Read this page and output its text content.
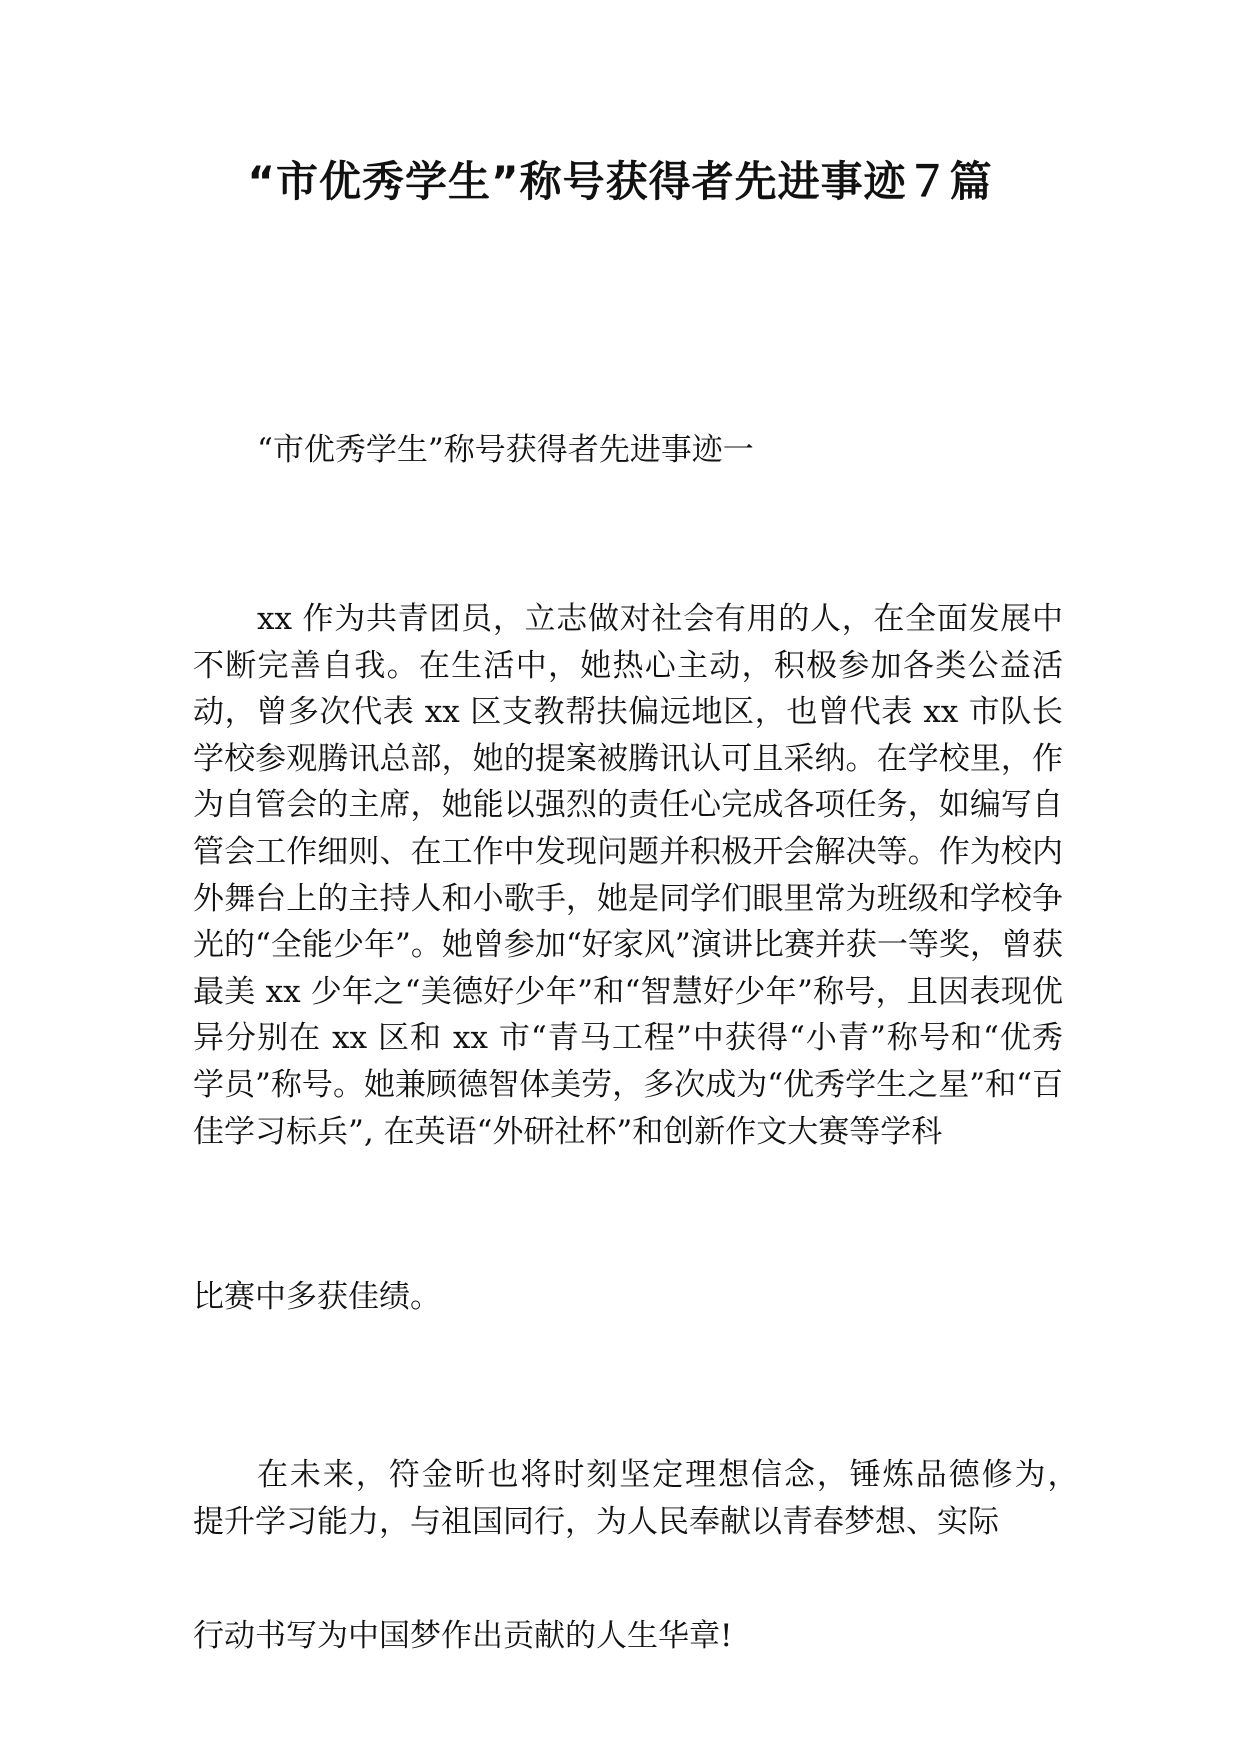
“市优秀学生”称号获得者先进事迹７篇

“市优秀学生”称号获得者先进事迹一

xx 作为共青团员，立志做对社会有用的人，在全面发展中不断完善自我。在生活中，她热心主动，积极参加各类公益活动，曾多次代表 xx 区支教帮扶偏远地区，也曾代表 xx 市队长学校参观腾讯总部，她的提案被腾讯认可且采纳。在学校里，作为自管会的主席，她能以强烈的责任心完成各项任务，如编写自管会工作细则、在工作中发现问题并积极开会解决等。作为校内外舞台上的主持人和小歌手，她是同学们眼里常为班级和学校争光的“全能少年”。她曾参加“好家风”演讲比赛并获一等奖，曾获最美 xx 少年之“美德好少年”和“智慧好少年”称号，且因表现优异分别在 xx 区和 xx 市“青马工程”中获得“小青”称号和“优秀学员”称号。她兼顾德智体美劳，多次成为“优秀学生之星”和“百佳学习标兵”, 在英语“外研社杯”和创新作文大赛等学科

比赛中多获佳绩。

在未来，符金昕也将时刻坚定理想信念，锤炼品德修为，　提升学习能力，与祖国同行，为人民奉献以青春梦想、实际

行动书写为中国梦作出贡献的人生华章!
